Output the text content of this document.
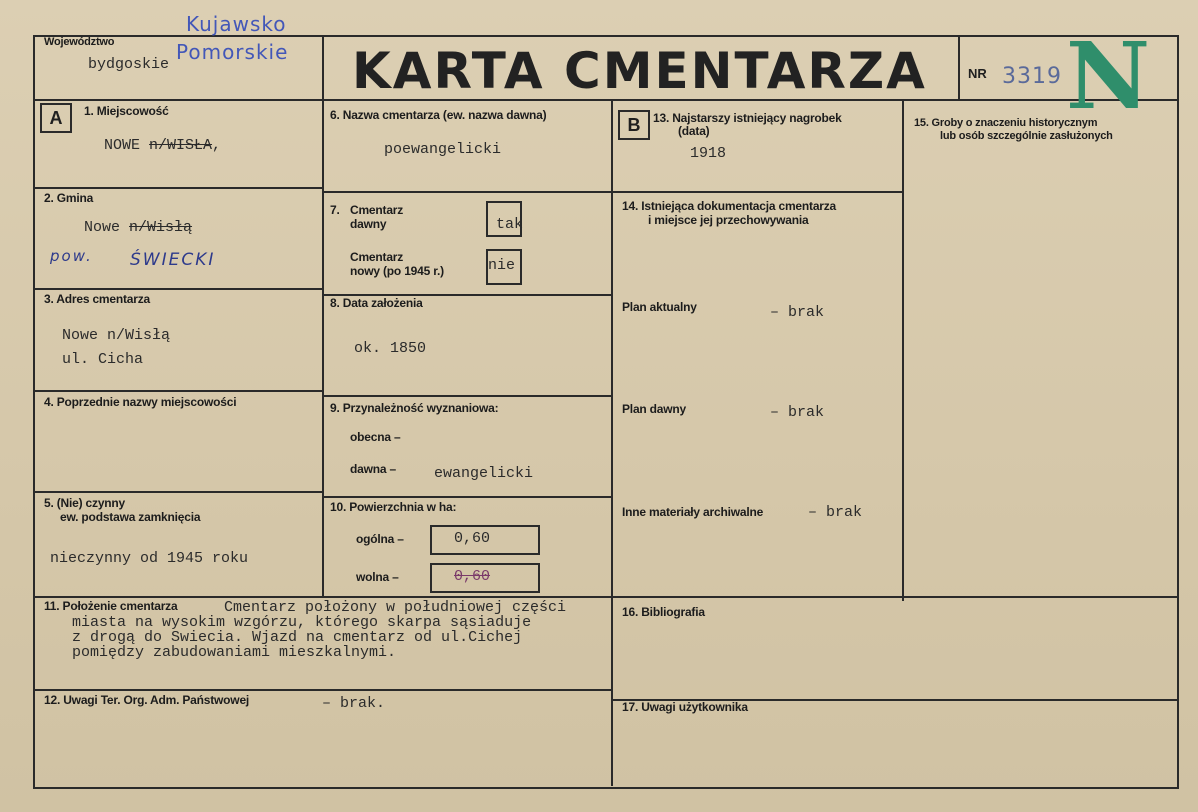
Województwo
bydgoskie
Kujawsko
Pomorskie KARTA CMENTARZA	NR 3319 N
A	1. Miejscowość
NOWE n/WISŁA,
2. Gmina
Nowe n/Wisłą
pow. ŚWIECKI
3. Adres cmentarza
Nowe n/Wisłą
ul. Cicha
4. Poprzednie nazwy miejscowości
5. (Nie) czynny
ew. podstawa zamknięcia
nieczynny od 1945 roku
6. Nazwa cmentarza (ew. nazwa dawna)
poewangelicki
7. Cmentarz
dawny	tak
Cmentarz
nowy (po 1945 r.)	nie
8. Data założenia
ok. 1850
9. Przynależność wyznaniowa:
obecna –
dawna –	ewangelicki
10. Powierzchnia w ha:
ogólna –	0,60
wolna –	0,60
B	13. Najstarszy istniejący nagrobek
(data)
1918
14. Istniejąca dokumentacja cmentarza
i miejsce jej przechowywania
Plan aktualny	– brak
Plan dawny	– brak
Inne materiały archiwalne	– brak
15. Groby o znaczeniu historycznym
lub osób szczególnie zasłużonych
11. Położenie cmentarza	Cmentarz położony w południowej części
miasta na wysokim wzgórzu, którego skarpa sąsiaduje
z drogą do Swiecia. Wjazd na cmentarz od ul.Cichej
pomiędzy zabudowaniami mieszkalnymi.
12. Uwagi Ter. Org. Adm. Państwowej	– brak.
16. Bibliografia
17. Uwagi użytkownika
